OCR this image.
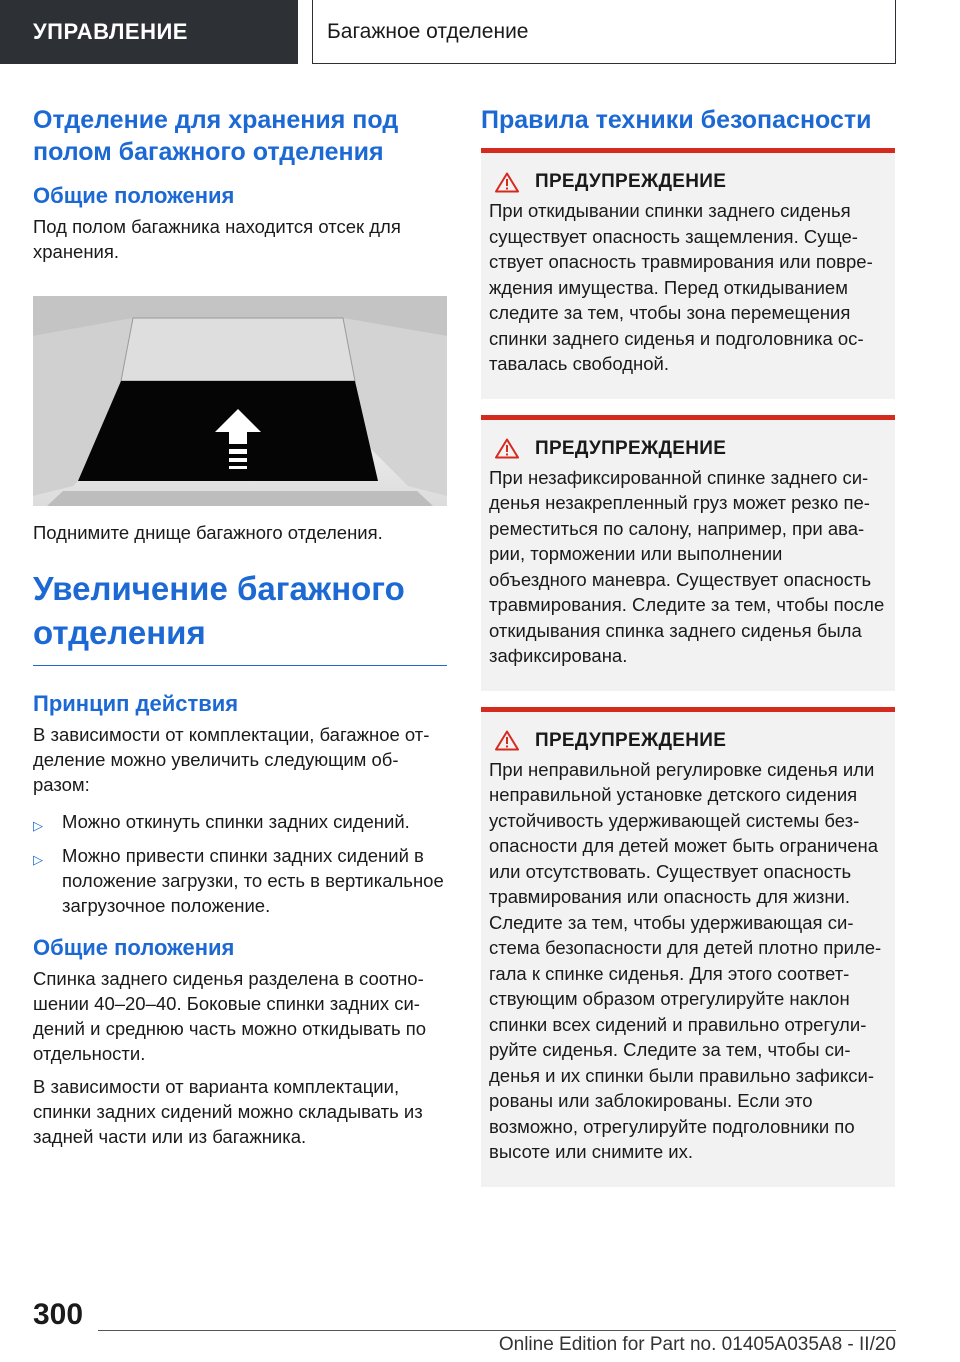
УПРАВЛЕНИЕ	Багажное отделение
Отделение для хранения под полом багажного отделения
Общие положения

Под полом багажника находится отсек для хранения.

Поднимите днище багажного отделения.

Увеличение багажного отделения
Принцип действия

В зависимости от комплектации, багажное отделение можно увеличить следующим образом:

▷ Можно откинуть спинки задних сидений.
▷ Можно привести спинки задних сидений в положение загрузки, то есть в вертикальное загрузочное положение.
Общие положения

Спинка заднего сиденья разделена в соотношении 40–20–40. Боковые спинки задних сидений и среднюю часть можно откидывать по отдельности.

В зависимости от варианта комплектации, спинки задних сидений можно складывать из задней части или из багажника.

Правила техники безопасности
ПРЕДУПРЕЖДЕНИЕ

При откидывании спинки заднего сиденья существует опасность защемления. Существует опасность травмирования или повреждения имущества. Перед откидыванием следите за тем, чтобы зона перемещения спинки заднего сиденья и подголовника оставалась свободной.

ПРЕДУПРЕЖДЕНИЕ

При незафиксированной спинке заднего сиденья незакрепленный груз может резко переместиться по салону, например, при аварии, торможении или выполнении объездного маневра. Существует опасность травмирования. Следите за тем, чтобы после откидывания спинка заднего сиденья была зафиксирована.

ПРЕДУПРЕЖДЕНИЕ

При неправильной регулировке сиденья или неправильной установке детского сидения устойчивость удерживающей системы безопасности для детей может быть ограничена или отсутствовать. Существует опасность травмирования или опасность для жизни. Следите за тем, чтобы удерживающая система безопасности для детей плотно прилегала к спинке сиденья. Для этого соответствующим образом отрегулируйте наклон спинки всех сидений и правильно отрегулируйте сиденья. Следите за тем, чтобы сиденья и их спинки были правильно зафиксированы или заблокированы. Если это возможно, отрегулируйте подголовники по высоте или снимите их.

300
Online Edition for Part no. 01405A035A8 - II/20
